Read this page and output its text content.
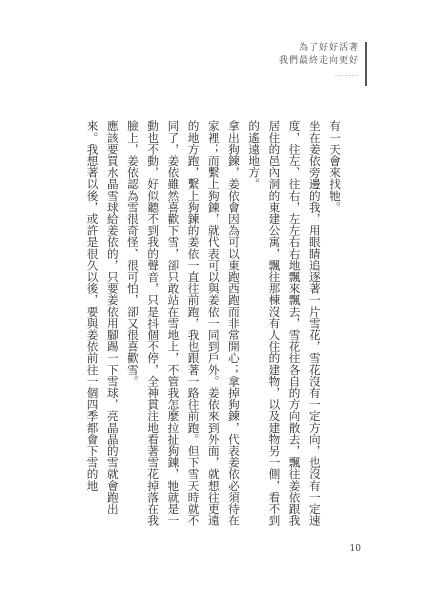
為了好好活著
我們最終走向更好
··········

有一天會來找牠。

坐在姜依旁邊的我，用眼睛追逐著一片雪花，雪花沒有一定方向，也沒有一定速度，往左、往右，左左右右地飄來飄去，雪花往各自的方向散去，飄往姜依跟我居住的邑內洞的東建公寓，飄往那棟沒有人住的建物，以及建物另一側，看不到的遙遠地方。

拿出狗鍊，姜依會因為可以東跑西跑而非常開心；拿掉狗鍊，代表姜依必須待在家裡；而繫上狗鍊，就代表可以與姜依一同到戶外。姜依來到外面，就想往更遠的地方跑，繫上狗鍊的姜依一直往前跑，我也跟著一路往前跑。但下雪天時就不同了，姜依雖然喜歡下雪，卻只敢站在雪地上，不管我怎麼拉扯狗鍊，牠就是一動也不動，好似聽不到我的聲音，只是抖個不停，全神貫注地看著雪花掉落在我臉上，姜依認為雪很奇怪、很可怕，卻又很喜歡雪。

應該要買水晶雪球給姜依的，只要姜依用腳踢一下雪球，亮晶晶的雪就會跑出來。我想著以後，或許是很久以後，要與姜依前往一個四季都會下雪的地

10
